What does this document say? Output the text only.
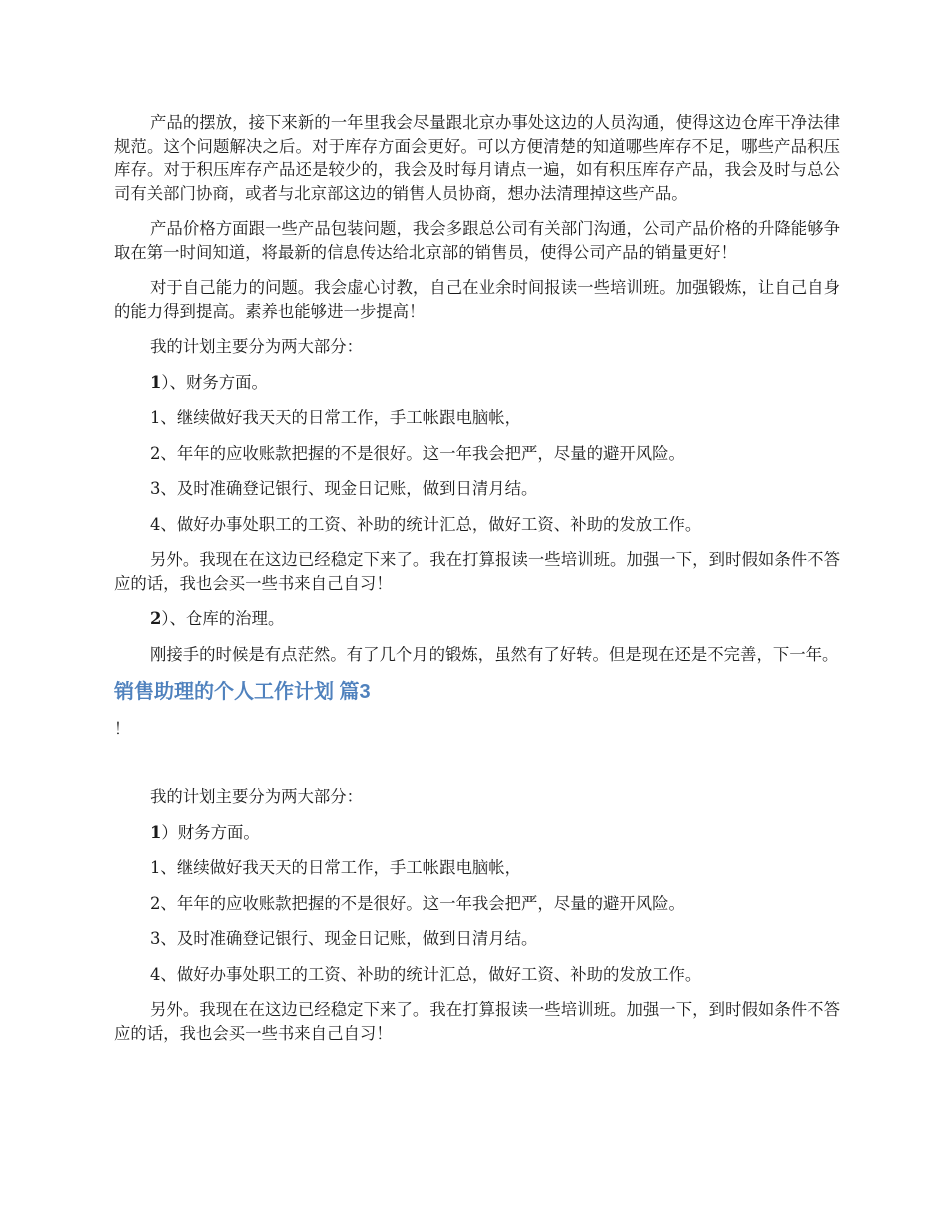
产品的摆放，接下来新的一年里我会尽量跟北京办事处这边的人员沟通，使得这边仓库干净法律规范。这个问题解决之后。对于库存方面会更好。可以方便清楚的知道哪些库存不足，哪些产品积压库存。对于积压库存产品还是较少的，我会及时每月请点一遍，如有积压库存产品，我会及时与总公司有关部门协商，或者与北京部这边的销售人员协商，想办法清理掉这些产品。

产品价格方面跟一些产品包装问题，我会多跟总公司有关部门沟通，公司产品价格的升降能够争取在第一时间知道，将最新的信息传达给北京部的销售员，使得公司产品的销量更好！

对于自己能力的问题。我会虚心讨教，自己在业余时间报读一些培训班。加强锻炼，让自己自身的能力得到提高。素养也能够进一步提高！

我的计划主要分为两大部分：

1）、财务方面。

1、继续做好我天天的日常工作，手工帐跟电脑帐，

2、年年的应收账款把握的不是很好。这一年我会把严，尽量的避开风险。

3、及时准确登记银行、现金日记账，做到日清月结。

4、做好办事处职工的工资、补助的统计汇总，做好工资、补助的发放工作。

另外。我现在在这边已经稳定下来了。我在打算报读一些培训班。加强一下，到时假如条件不答应的话，我也会买一些书来自己自习！

2）、仓库的治理。

刚接手的时候是有点茫然。有了几个月的锻炼，虽然有了好转。但是现在还是不完善，下一年。

销售助理的个人工作计划 篇3
！

我的计划主要分为两大部分：

1）财务方面。

1、继续做好我天天的日常工作，手工帐跟电脑帐，

2、年年的应收账款把握的不是很好。这一年我会把严，尽量的避开风险。

3、及时准确登记银行、现金日记账，做到日清月结。

4、做好办事处职工的工资、补助的统计汇总，做好工资、补助的发放工作。

另外。我现在在这边已经稳定下来了。我在打算报读一些培训班。加强一下，到时假如条件不答应的话，我也会买一些书来自己自习！
